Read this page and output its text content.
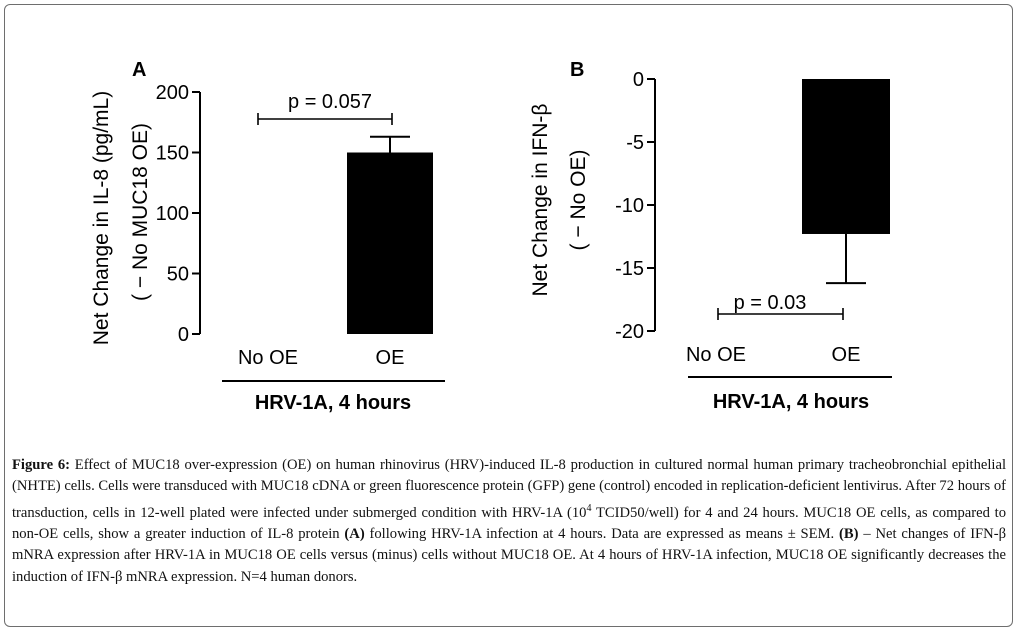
A
Net Change in IL-8 (pg/mL) ( − No MUC18 OE)
0
50
100
150
200
No OE	OE
p = 0.057
HRV-1A, 4 hours
B
Net Change in IFN-β ( − No OE)
0
-5
-10
-15
-20
No OE	OE
p = 0.03
HRV-1A, 4 hours

Figure 6: Effect of MUC18 over-expression (OE) on human rhinovirus (HRV)-induced IL-8 production in cultured normal human primary tracheobronchial epithelial (NHTE) cells. Cells were transduced with MUC18 cDNA or green fluorescence protein (GFP) gene (control) encoded in replication-deficient lentivirus. After 72 hours of transduction, cells in 12-well plated were infected under submerged condition with HRV-1A ($10^4$ TCID50/well) for 4 and 24 hours. MUC18 OE cells, as compared to non-OE cells, show a greater induction of IL-8 protein (A) following HRV-1A infection at 4 hours. Data are expressed as means ± SEM. (B) – Net changes of IFN-β mNRA expression after HRV-1A in MUC18 OE cells versus (minus) cells without MUC18 OE. At 4 hours of HRV-1A infection, MUC18 OE significantly decreases the induction of IFN-β mNRA expression. N=4 human donors.
